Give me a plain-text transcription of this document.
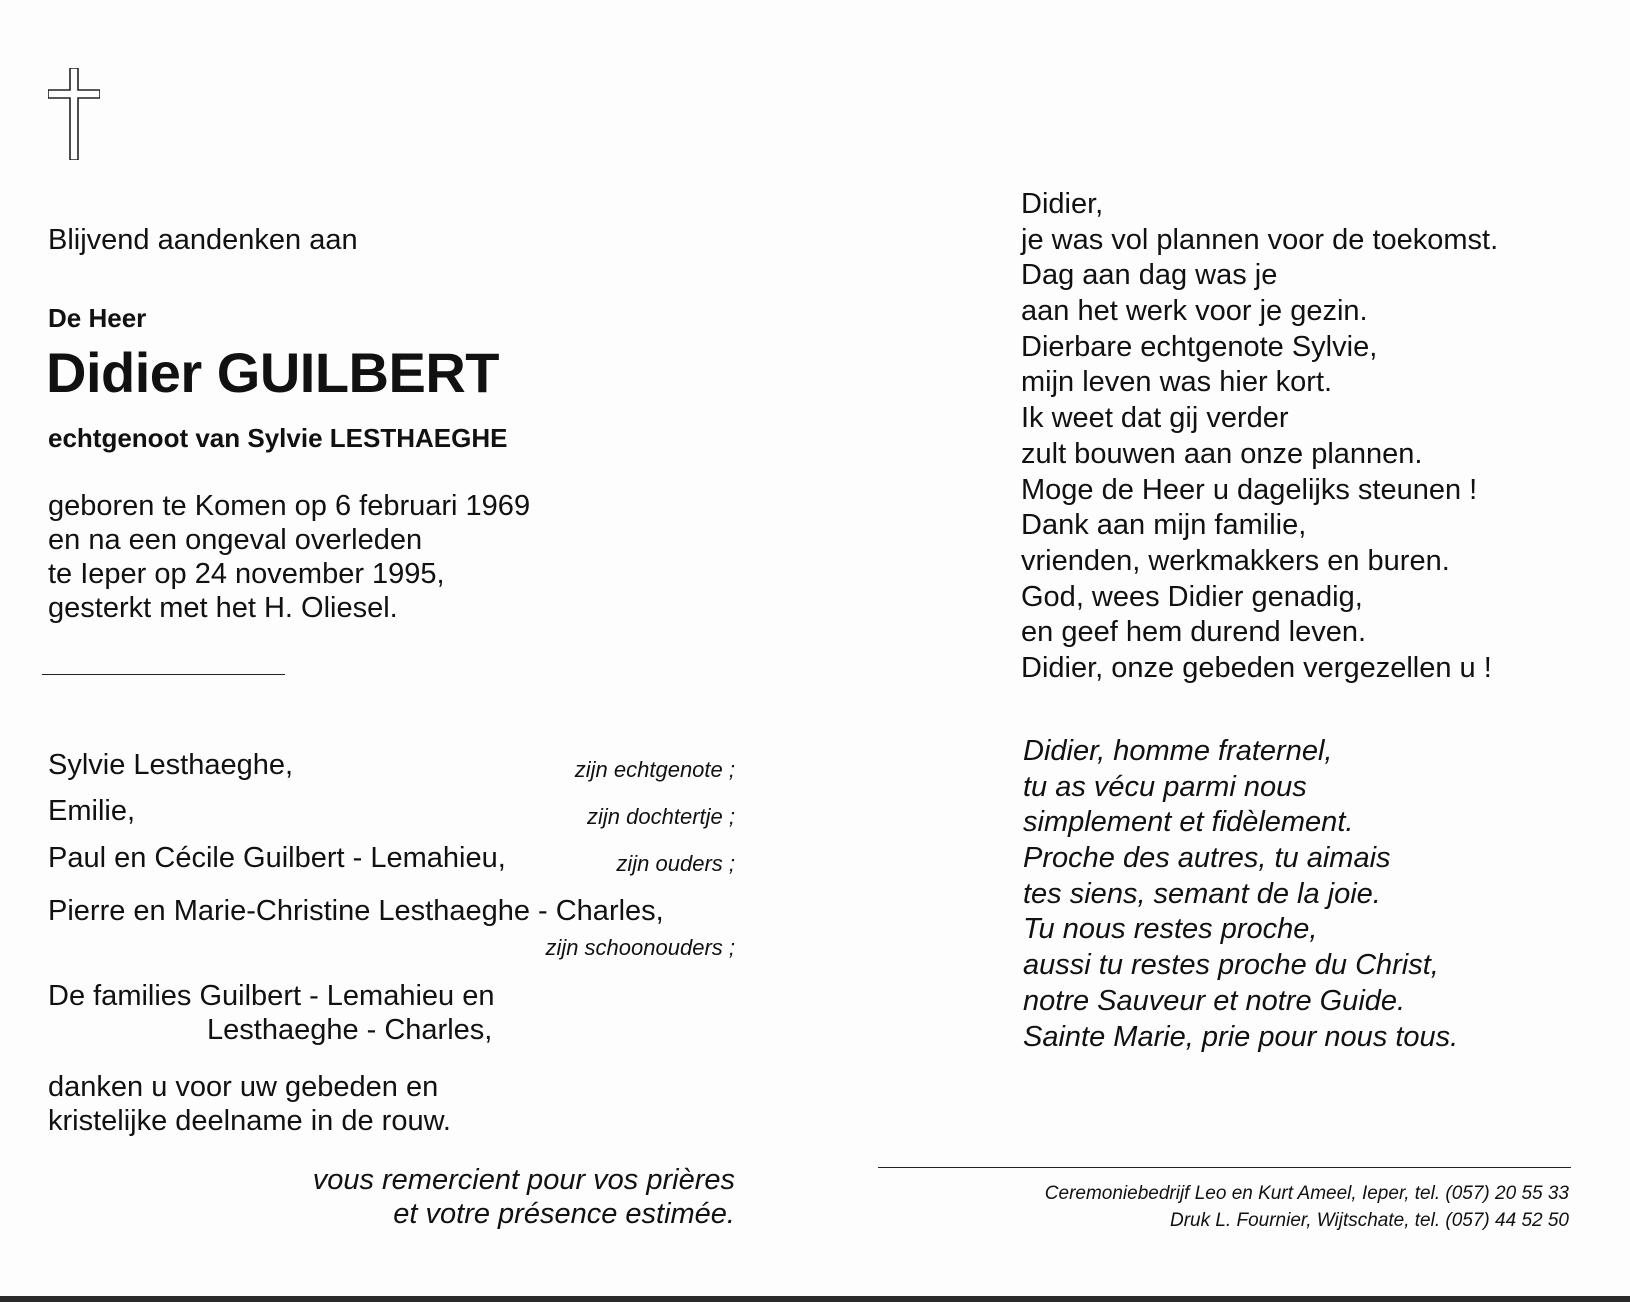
Blijvend aandenken aan
De Heer
Didier GUILBERT
echtgenoot van Sylvie LESTHAEGHE
geboren te Komen op 6 februari 1969
en na een ongeval overleden
te Ieper op 24 november 1995,
gesterkt met het H. Oliesel.
Sylvie Lesthaeghe,	zijn echtgenote ;
Emilie,	zijn dochtertje ;
Paul en Cécile Guilbert - Lemahieu,	zijn ouders ;
Pierre en Marie-Christine Lesthaeghe - Charles,
zijn schoonouders ;
De families Guilbert - Lemahieu en
Lesthaeghe - Charles,
danken u voor uw gebeden en
kristelijke deelname in de rouw.
vous remercient pour vos prières
et votre présence estimée.
Didier,
je was vol plannen voor de toekomst.
Dag aan dag was je
aan het werk voor je gezin.
Dierbare echtgenote Sylvie,
mijn leven was hier kort.
Ik weet dat gij verder
zult bouwen aan onze plannen.
Moge de Heer u dagelijks steunen !
Dank aan mijn familie,
vrienden, werkmakkers en buren.
God, wees Didier genadig,
en geef hem durend leven.
Didier, onze gebeden vergezellen u !
Didier, homme fraternel,
tu as vécu parmi nous
simplement et fidèlement.
Proche des autres, tu aimais
tes siens, semant de la joie.
Tu nous restes proche,
aussi tu restes proche du Christ,
notre Sauveur et notre Guide.
Sainte Marie, prie pour nous tous.
Ceremoniebedrijf Leo en Kurt Ameel, Ieper, tel. (057) 20 55 33
Druk L. Fournier, Wijtschate, tel. (057) 44 52 50
